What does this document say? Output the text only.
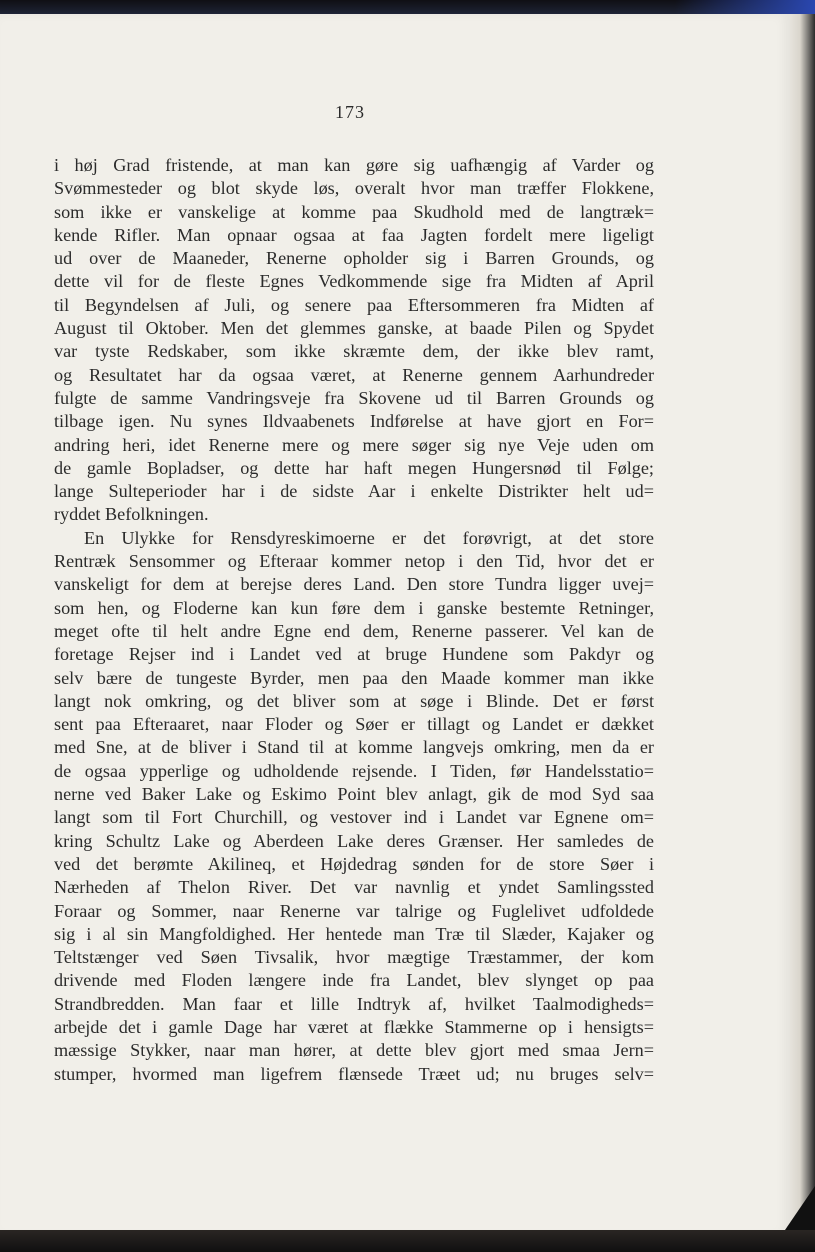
173
i høj Grad fristende, at man kan gøre sig uafhængig af Varder og
Svømmesteder og blot skyde løs, overalt hvor man træffer Flokkene,
som ikke er vanskelige at komme paa Skudhold med de langtræk=
kende Rifler. Man opnaar ogsaa at faa Jagten fordelt mere ligeligt
ud over de Maaneder, Renerne opholder sig i Barren Grounds, og
dette vil for de fleste Egnes Vedkommende sige fra Midten af April
til Begyndelsen af Juli, og senere paa Eftersommeren fra Midten af
August til Oktober. Men det glemmes ganske, at baade Pilen og Spydet
var tyste Redskaber, som ikke skræmte dem, der ikke blev ramt,
og Resultatet har da ogsaa været, at Renerne gennem Aarhundreder
fulgte de samme Vandringsveje fra Skovene ud til Barren Grounds og
tilbage igen. Nu synes Ildvaabenets Indførelse at have gjort en For=
andring heri, idet Renerne mere og mere søger sig nye Veje uden om
de gamle Bopladser, og dette har haft megen Hungersnød til Følge;
lange Sulteperioder har i de sidste Aar i enkelte Distrikter helt ud=
ryddet Befolkningen.
En Ulykke for Rensdyreskimoerne er det forøvrigt, at det store
Rentræk Sensommer og Efteraar kommer netop i den Tid, hvor det er
vanskeligt for dem at berejse deres Land. Den store Tundra ligger uvej=
som hen, og Floderne kan kun føre dem i ganske bestemte Retninger,
meget ofte til helt andre Egne end dem, Renerne passerer. Vel kan de
foretage Rejser ind i Landet ved at bruge Hundene som Pakdyr og
selv bære de tungeste Byrder, men paa den Maade kommer man ikke
langt nok omkring, og det bliver som at søge i Blinde. Det er først
sent paa Efteraaret, naar Floder og Søer er tillagt og Landet er dækket
med Sne, at de bliver i Stand til at komme langvejs omkring, men da er
de ogsaa ypperlige og udholdende rejsende. I Tiden, før Handelsstatio=
nerne ved Baker Lake og Eskimo Point blev anlagt, gik de mod Syd saa
langt som til Fort Churchill, og vestover ind i Landet var Egnene om=
kring Schultz Lake og Aberdeen Lake deres Grænser. Her samledes de
ved det berømte Akilineq, et Højdedrag sønden for de store Søer i
Nærheden af Thelon River. Det var navnlig et yndet Samlingssted
Foraar og Sommer, naar Renerne var talrige og Fuglelivet udfoldede
sig i al sin Mangfoldighed. Her hentede man Træ til Slæder, Kajaker og
Teltstænger ved Søen Tivsalik, hvor mægtige Træstammer, der kom
drivende med Floden længere inde fra Landet, blev slynget op paa
Strandbredden. Man faar et lille Indtryk af, hvilket Taalmodigheds=
arbejde det i gamle Dage har været at flække Stammerne op i hensigts=
mæssige Stykker, naar man hører, at dette blev gjort med smaa Jern=
stumper, hvormed man ligefrem flænsede Træet ud; nu bruges selv=
